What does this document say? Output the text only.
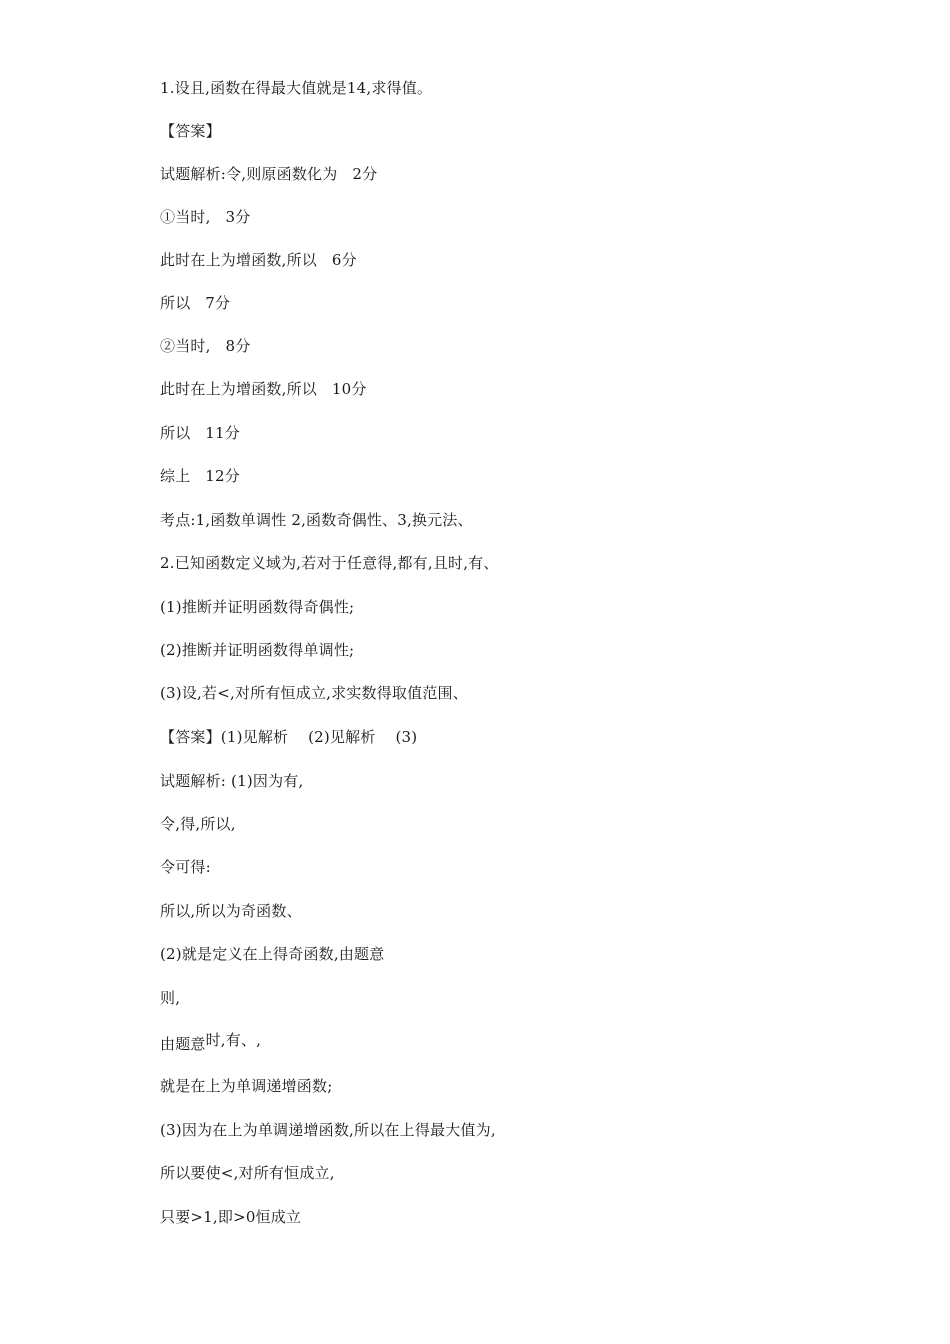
1.设且,函数在得最大值就是14,求得值。
【答案】
试题解析:令,则原函数化为   2分
①当时,   3分
此时在上为增函数,所以   6分
所以   7分
②当时,   8分
此时在上为增函数,所以   10分
所以   11分
综上   12分
考点:1,函数单调性 2,函数奇偶性、3,换元法、
2.已知函数定义域为,若对于任意得,都有,且时,有、
(1)推断并证明函数得奇偶性;
(2)推断并证明函数得单调性;
(3)设,若<,对所有恒成立,求实数得取值范围、
【答案】(1)见解析    (2)见解析    (3)
试题解析: (1)因为有,
令,得,所以,
令可得:
所以,所以为奇函数、
(2)就是定义在上得奇函数,由题意
则,
由题意时,有、,
就是在上为单调递增函数;
(3)因为在上为单调递增函数,所以在上得最大值为,
所以要使<,对所有恒成立,
只要>1,即>0恒成立
